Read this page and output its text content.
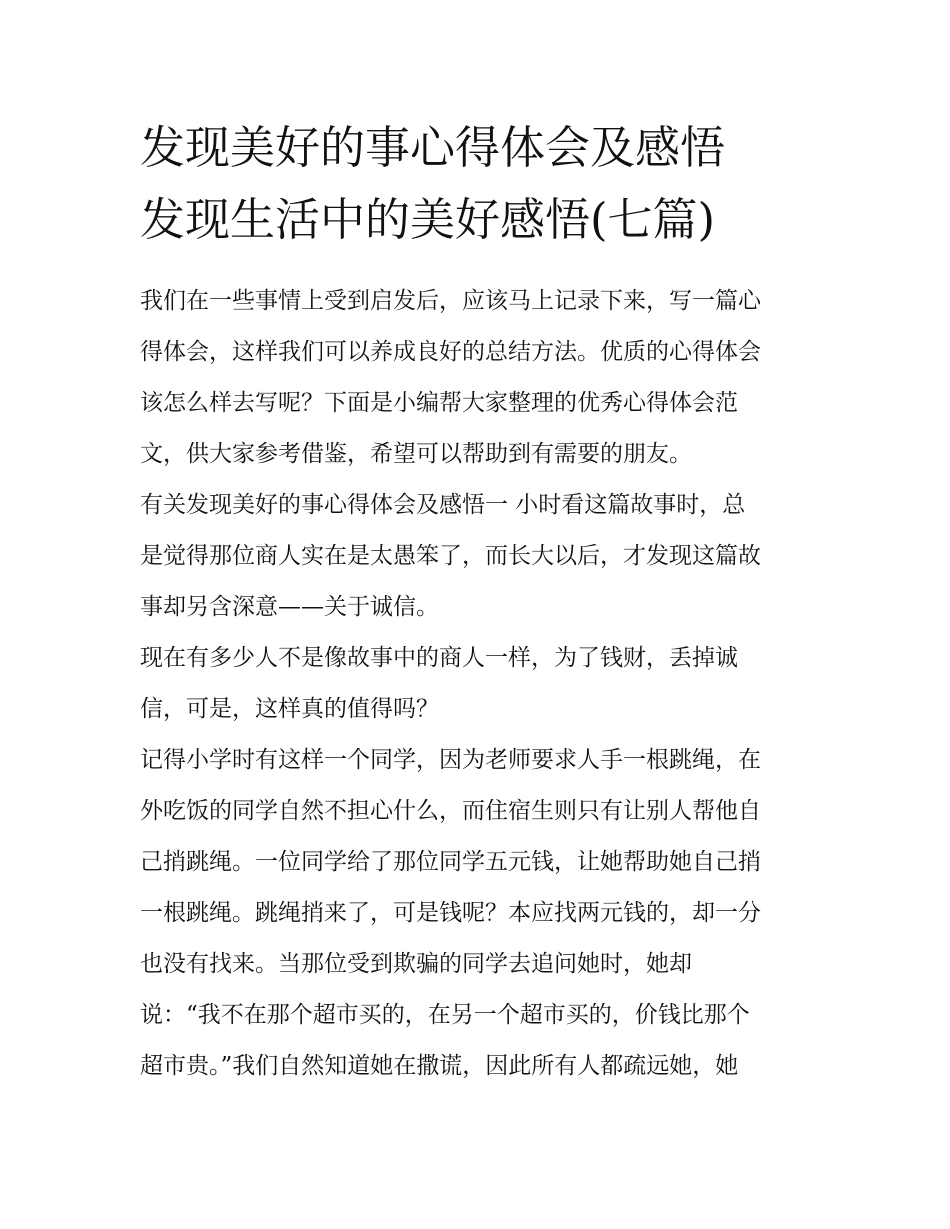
发现美好的事心得体会及感悟
发现生活中的美好感悟(七篇)

我们在一些事情上受到启发后，应该马上记录下来，写一篇心
得体会，这样我们可以养成良好的总结方法。优质的心得体会
该怎么样去写呢？下面是小编帮大家整理的优秀心得体会范
文，供大家参考借鉴，希望可以帮助到有需要的朋友。

有关发现美好的事心得体会及感悟一 小时看这篇故事时，总
是觉得那位商人实在是太愚笨了，而长大以后，才发现这篇故
事却另含深意——关于诚信。

现在有多少人不是像故事中的商人一样，为了钱财，丢掉诚
信，可是，这样真的值得吗？

记得小学时有这样一个同学，因为老师要求人手一根跳绳，在
外吃饭的同学自然不担心什么，而住宿生则只有让别人帮他自
己捎跳绳。一位同学给了那位同学五元钱，让她帮助她自己捎
一根跳绳。跳绳捎来了，可是钱呢？本应找两元钱的，却一分
也没有找来。当那位受到欺骗的同学去追问她时，她却
说：“我不在那个超市买的，在另一个超市买的，价钱比那个
超市贵。”我们自然知道她在撒谎，因此所有人都疏远她，她
